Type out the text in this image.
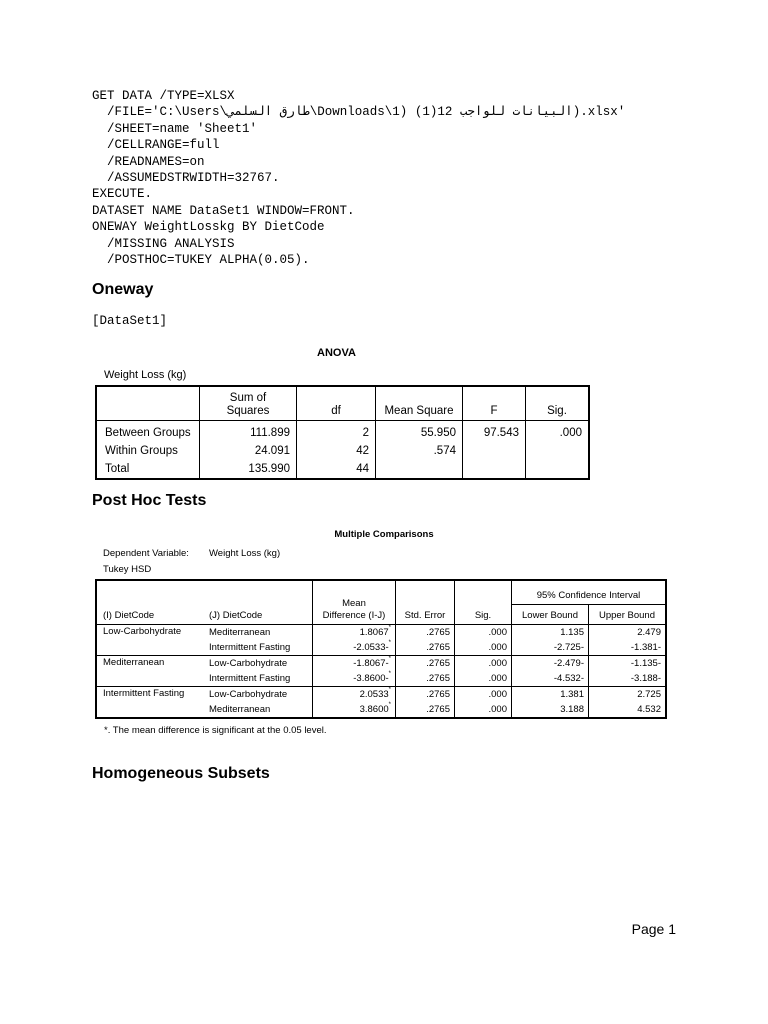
GET DATA /TYPE=XLSX
/FILE='C:\Users\طارق السلمي\Downloads\1) (1)12 البيانات للواجب).xlsx'
/SHEET=name 'Sheet1'
/CELLRANGE=full
/READNAMES=on
/ASSUMEDSTRWIDTH=32767.
EXECUTE.
DATASET NAME DataSet1 WINDOW=FRONT.
ONEWAY WeightLosskg BY DietCode
/MISSING ANALYSIS
/POSTHOC=TUKEY ALPHA(0.05).
Oneway
[DataSet1]
ANOVA
Weight Loss (kg)
	Sum of
Squares	df	Mean Square	F	Sig.
Between Groups	111.899	2	55.950	97.543	.000
Within Groups	24.091	42	.574		
Total	135.990	44			
Post Hoc Tests
Multiple Comparisons
Dependent Variable: Weight Loss (kg)
Tukey HSD
(I) DietCode	(J) DietCode	Mean
Difference (I-J)	Std. Error	Sig.	95% Confidence Interval	
					Lower Bound	Upper Bound
Low-Carbohydrate	Mediterranean	1.8067*	.2765	.000	1.135	2.479
	Intermittent Fasting	-2.0533-*	.2765	.000	-2.725-	-1.381-
Mediterranean	Low-Carbohydrate	-1.8067-*	.2765	.000	-2.479-	-1.135-
	Intermittent Fasting	-3.8600-*	.2765	.000	-4.532-	-3.188-
Intermittent Fasting	Low-Carbohydrate	2.0533*	.2765	.000	1.381	2.725
	Mediterranean	3.8600*	.2765	.000	3.188	4.532
*. The mean difference is significant at the 0.05 level.
Homogeneous Subsets
Page 1
